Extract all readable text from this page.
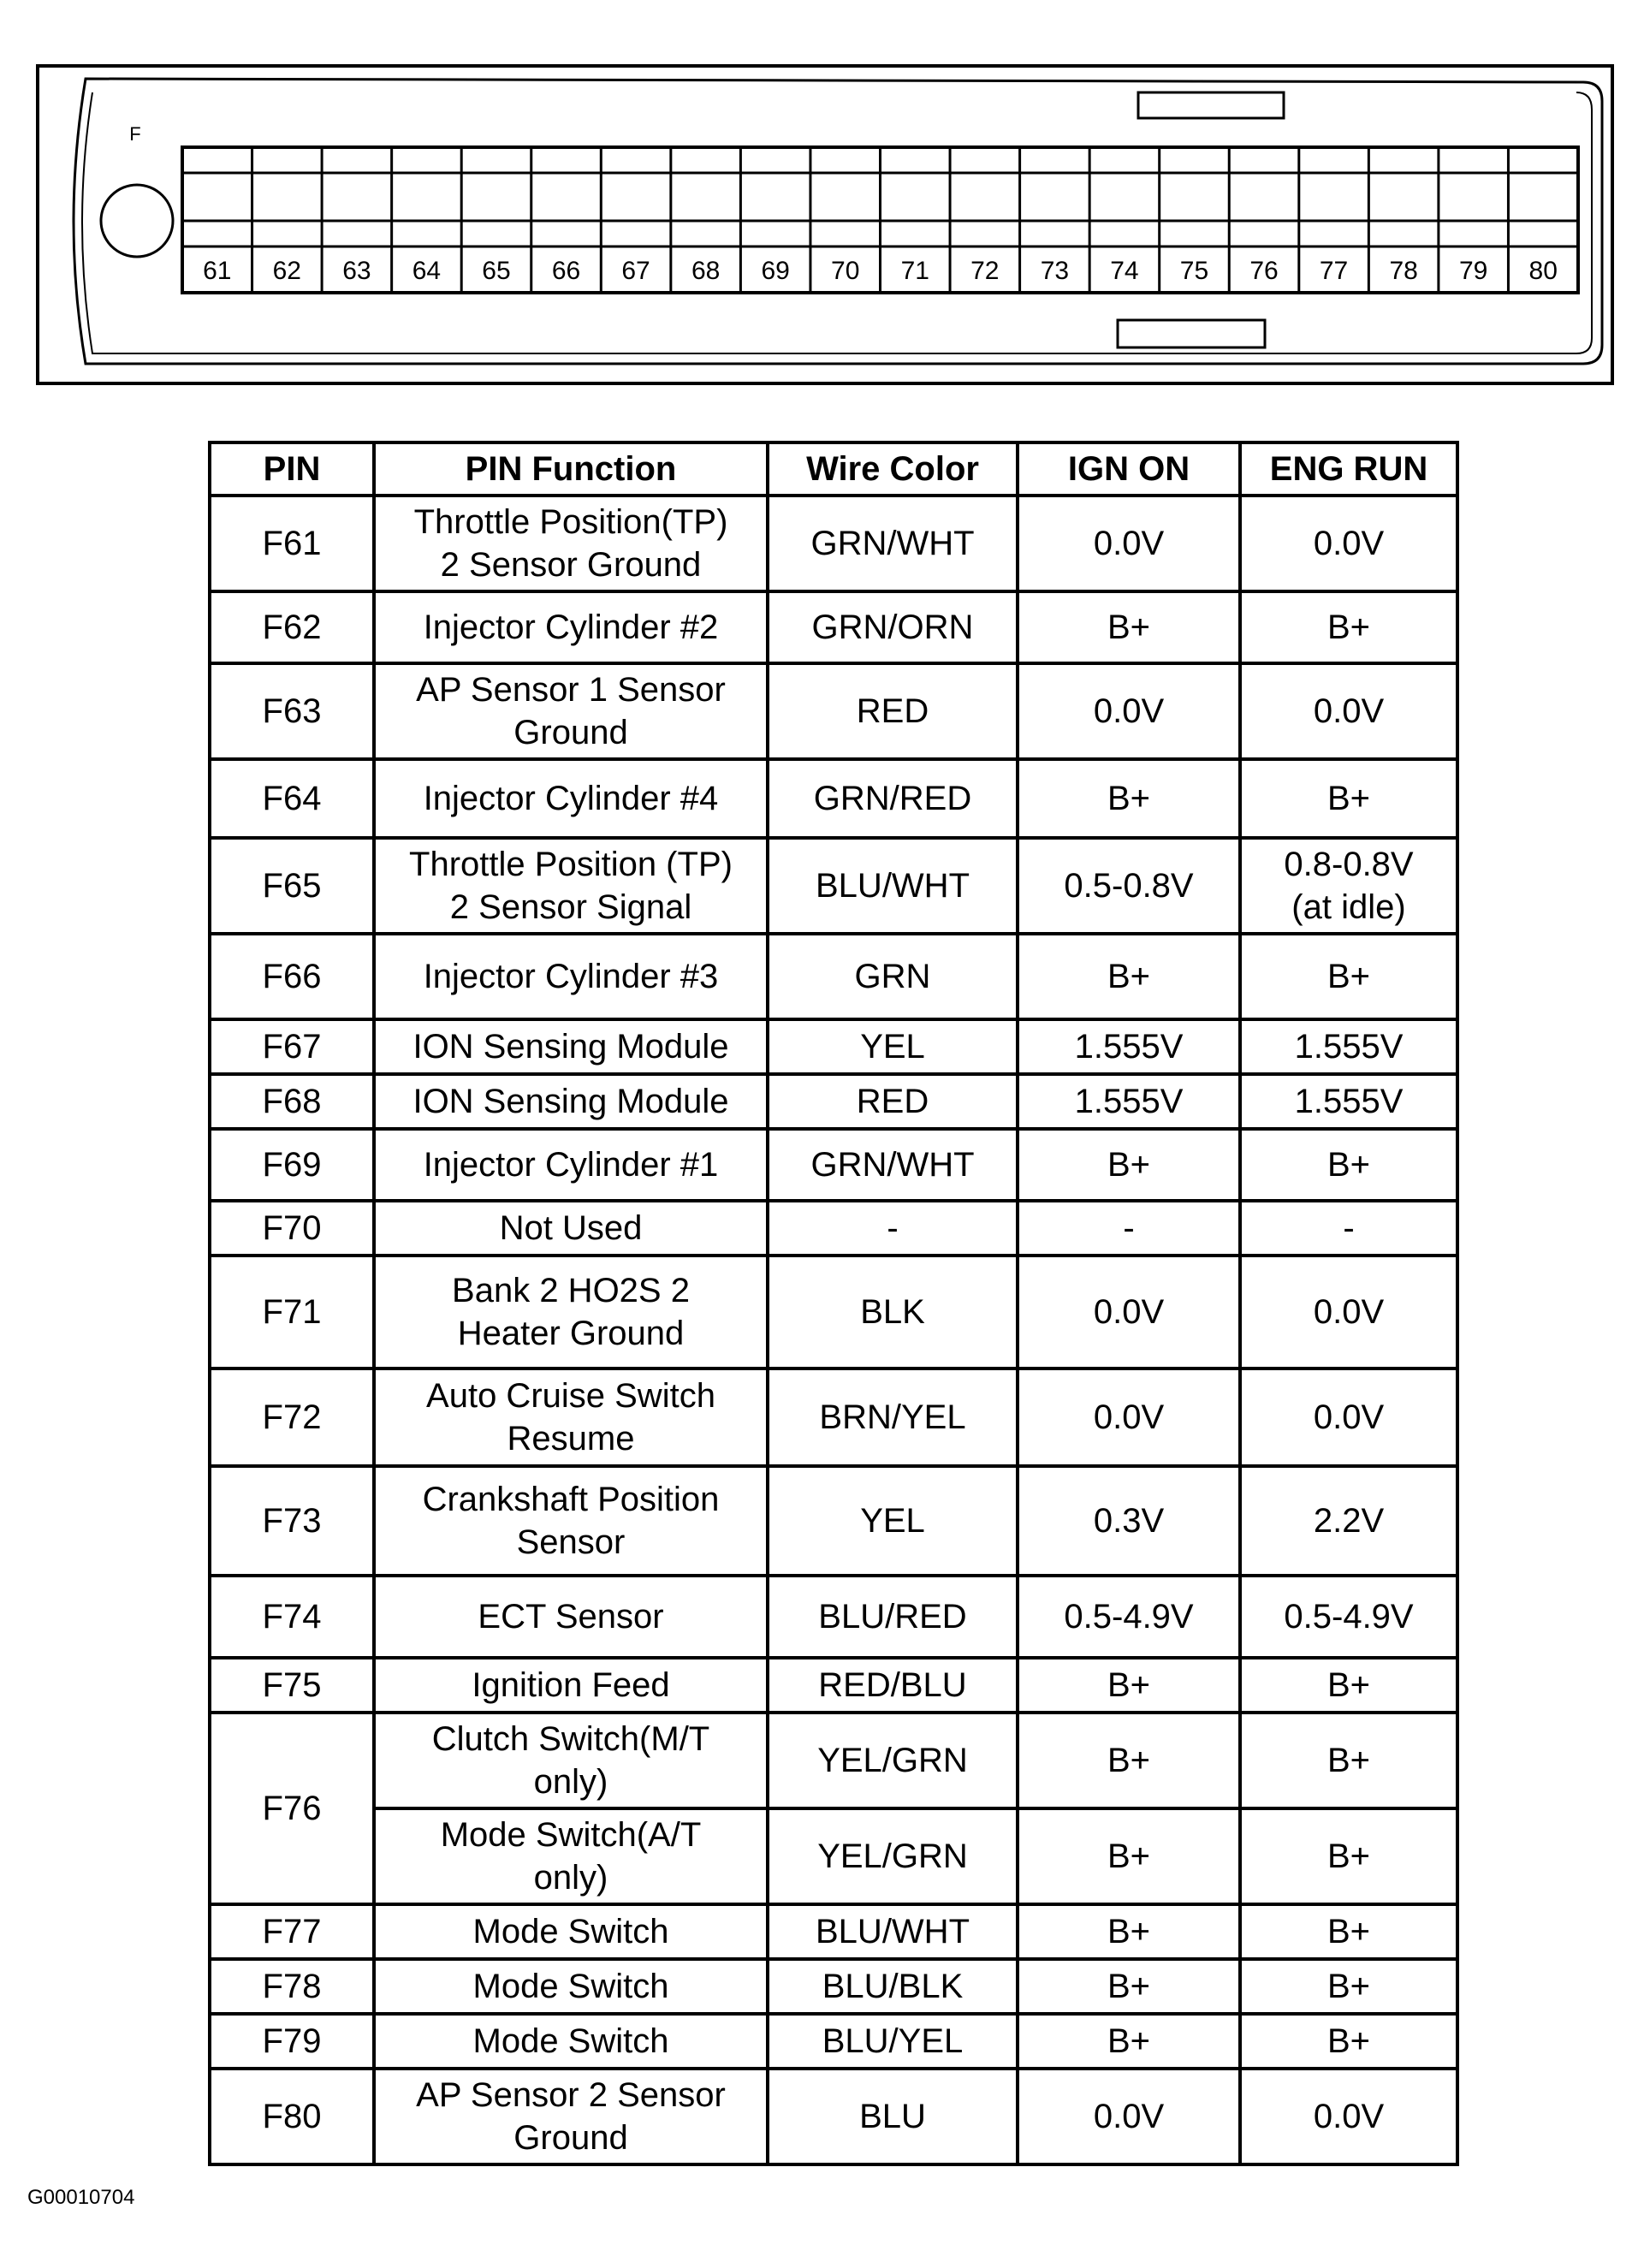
F
61 62 63 64 65 66 67 68 69 70 71 72 73 74 75 76 77 78 79 80
PIN	PIN Function	Wire Color	IGN ON	ENG RUN
F61	Throttle Position(TP)
2 Sensor Ground	GRN/WHT	0.0V	0.0V
F62	Injector Cylinder #2	GRN/ORN	B+	B+
F63	AP Sensor 1 Sensor
Ground	RED	0.0V	0.0V
F64	Injector Cylinder #4	GRN/RED	B+	B+
F65	Throttle Position (TP)
2 Sensor Signal	BLU/WHT	0.5-0.8V	0.8-0.8V
(at idle)
F66	Injector Cylinder #3	GRN	B+	B+
F67	ION Sensing Module	YEL	1.555V	1.555V
F68	ION Sensing Module	RED	1.555V	1.555V
F69	Injector Cylinder #1	GRN/WHT	B+	B+
F70	Not Used	-	-	-
F71	Bank 2 HO2S 2
Heater Ground	BLK	0.0V	0.0V
F72	Auto Cruise Switch
Resume	BRN/YEL	0.0V	0.0V
F73	Crankshaft Position
Sensor	YEL	0.3V	2.2V
F74	ECT Sensor	BLU/RED	0.5-4.9V	0.5-4.9V
F75	Ignition Feed	RED/BLU	B+	B+
F76	Clutch Switch(M/T
only)	YEL/GRN	B+	B+
	Mode Switch(A/T
only)	YEL/GRN	B+	B+
F77	Mode Switch	BLU/WHT	B+	B+
F78	Mode Switch	BLU/BLK	B+	B+
F79	Mode Switch	BLU/YEL	B+	B+
F80	AP Sensor 2 Sensor
Ground	BLU	0.0V	0.0V
G00010704
